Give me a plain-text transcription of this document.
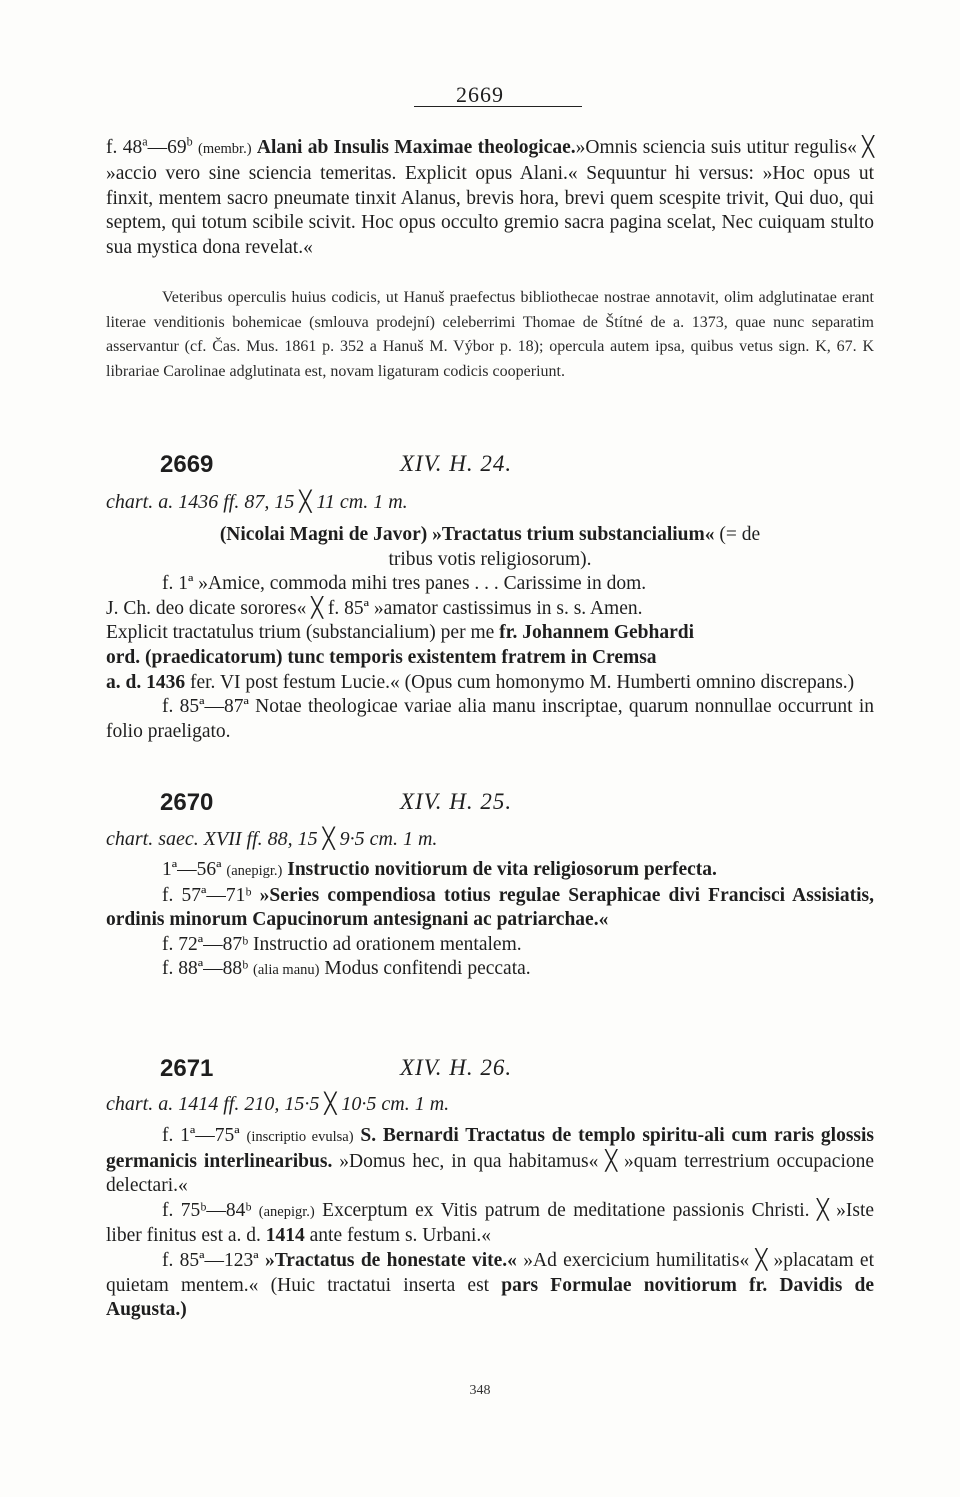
2669
f. 48$^a$—69$^b$ (membr.) Alani ab Insulis Maximae theologicae.»Omnis sciencia suis utitur regulis« ╳ »accio vero sine sciencia temeritas. Explicit opus Alani.« Sequuntur hi versus: »Hoc opus ut finxit, mentem sacro pneumate tinxit Alanus, brevis hora, brevi quem scespite trivit, Qui duo, qui septem, qui totum scibile scivit. Hoc opus occulto gremio sacra pagina scelat, Nec cuiquam stulto sua mystica dona revelat.«

Veteribus operculis huius codicis, ut Hanuš praefectus bibliothecae nostrae annotavit, olim adglutinatae erant literae venditionis bohemicae (smlouva prodejní) celeberrimi Thomae de Štítné de a. 1373, quae nunc separatim asservantur (cf. Čas. Mus. 1861 p. 352 a Hanuš M. Výbor p. 18); opercula autem ipsa, quibus vetus sign. K, 67. K librariae Carolinae adglutinata est, novam ligaturam codicis cooperiunt.

2669	XIV. H. 24.
chart. a. 1436 ff. 87, 15 ╳ 11 cm. 1 m.

(Nicolai Magni de Javor) »Tractatus trium substancialium« (= de

tribus votis religiosorum).

f. 1ª »Amice, commoda mihi tres panes . . . Carissime in dom.

J. Ch. deo dicate sorores« ╳ f. 85ª »amator castissimus in s. s. Amen.

Explicit tractatulus trium (substancialium) per me fr. Johannem Gebhardi

ord. (praedicatorum) tunc temporis existentem fratrem in Cremsa

a. d. 1436 fer. VI post festum Lucie.« (Opus cum homonymo M. Humberti omnino discrepans.)

f. 85ª—87ª Notae theologicae variae alia manu inscriptae, quarum nonnullae occurrunt in folio praeligato.

2670	XIV. H. 25.
chart. saec. XVII ff. 88, 15 ╳ 9·5 cm. 1 m.

1ª—56ª (anepigr.) Instructio novitiorum de vita religiosorum perfecta.

f. 57ª—71ᵇ »Series compendiosa totius regulae Seraphicae divi Francisci Assisiatis, ordinis minorum Capucinorum antesignani ac patriarchae.«

f. 72ª—87ᵇ Instructio ad orationem mentalem.

f. 88ª—88ᵇ (alia manu) Modus confitendi peccata.

2671	XIV. H. 26.
chart. a. 1414 ff. 210, 15·5 ╳ 10·5 cm. 1 m.

f. 1ª—75ª (inscriptio evulsa) S. Bernardi Tractatus de templo spiritu-ali cum raris glossis germanicis interlinearibus. »Domus hec, in qua habitamus« ╳ »quam terrestrium occupacione delectari.«

f. 75ᵇ—84ᵇ (anepigr.) Excerptum ex Vitis patrum de meditatione passionis Christi. ╳ »Iste liber finitus est a. d. 1414 ante festum s. Urbani.«

f. 85ª—123ª »Tractatus de honestate vite.« »Ad exercicium humilitatis« ╳ »placatam et quietam mentem.« (Huic tractatui inserta est pars Formulae novitiorum fr. Davidis de Augusta.)

348
